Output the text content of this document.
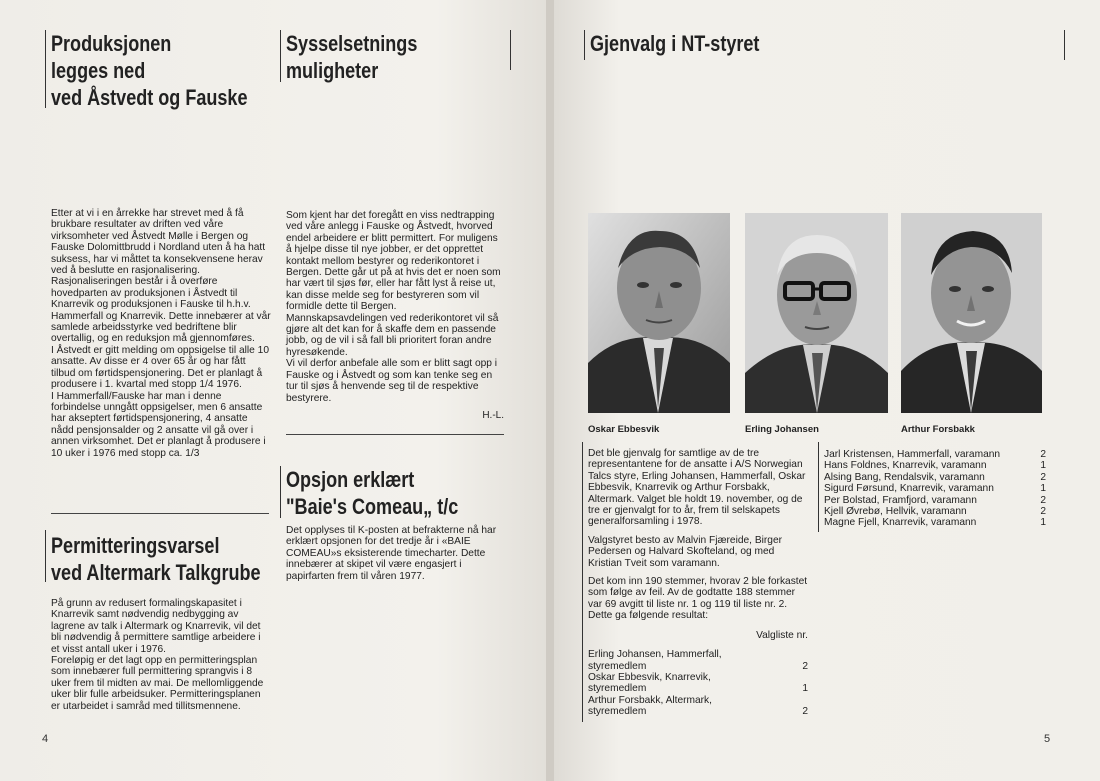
Produksjonen
legges ned
ved Åstvedt og Fauske

Etter at vi i en årrekke har strevet med å få brukbare resultater av driften ved våre virksomheter ved Åstvedt Mølle i Bergen og Fauske Dolomittbrudd i Nordland uten å ha hatt suksess, har vi måttet ta konsekvensene herav ved å beslutte en rasjonalisering.

Rasjonaliseringen består i å overføre hovedparten av produksjonen i Åstvedt til Knarrevik og produksjonen i Fauske til h.h.v. Hammerfall og Knarrevik. Dette innebærer at vår samlede arbeidsstyrke ved bedriftene blir overtallig, og en reduksjon må gjennomføres.

I Åstvedt er gitt melding om oppsigelse til alle 10 ansatte. Av disse er 4 over 65 år og har fått tilbud om førtidspensjonering. Det er planlagt å produsere i 1. kvartal med stopp 1/4 1976.

I Hammerfall/Fauske har man i denne forbindelse unngått oppsigelser, men 6 ansatte har akseptert førtidspensjonering, 4 ansatte nådd pensjonsalder og 2 ansatte vil gå over i annen virksomhet. Det er planlagt å produsere i 10 uker i 1976 med stopp ca. 1/3

Permitteringsvarsel
ved Altermark Talkgrube

På grunn av redusert formalingskapasitet i Knarrevik samt nødvendig nedbygging av lagrene av talk i Altermark og Knarrevik, vil det bli nødvendig å permittere samtlige arbeidere i et visst antall uker i 1976.

Foreløpig er det lagt opp en permitteringsplan som innebærer full permittering sprangvis i 8 uker frem til midten av mai. De mellomliggende uker blir fulle arbeidsuker. Permitteringsplanen er utarbeidet i samråd med tillitsmennene.

Sysselsetnings
muligheter

Som kjent har det foregått en viss nedtrapping ved våre anlegg i Fauske og Åstvedt, hvorved endel arbeidere er blitt permittert. For muligens å hjelpe disse til nye jobber, er det opprettet kontakt mellom bestyrer og rederikontoret i Bergen. Dette går ut på at hvis det er noen som har vært til sjøs før, eller har fått lyst å reise ut, kan disse melde seg for bestyreren som vil formidle dette til Bergen.

Mannskapsavdelingen ved rederikontoret vil så gjøre alt det kan for å skaffe dem en passende jobb, og de vil i så fall bli prioritert foran andre hyresøkende.

Vi vil derfor anbefale alle som er blitt sagt opp i Fauske og i Åstvedt og som kan tenke seg en tur til sjøs å henvende seg til de respektive bestyrere.

H.-L.
Opsjon erklært
"Baie's Comeau„ t/c

Det opplyses til K-posten at befrakterne nå har erklært opsjonen for det tredje år i «BAIE COMEAU»s eksisterende timecharter. Dette innebærer at skipet vil være engasjert i papirfarten frem til våren 1977.

4
Gjenvalg i NT-styret
Oskar Ebbesvik	Erling Johansen	Arthur Forsbakk

Det ble gjenvalg for samtlige av de tre representantene for de ansatte i A/S Norwegian Talcs styre, Erling Johansen, Hammerfall, Oskar Ebbesvik, Knarrevik og Arthur Forsbakk, Altermark. Valget ble holdt 19. november, og de tre er gjenvalgt for to år, frem til selskapets generalforsamling i 1978.

Valgstyret besto av Malvin Fjæreide, Birger Pedersen og Halvard Skofteland, og med Kristian Tveit som varamann.

Det kom inn 190 stemmer, hvorav 2 ble forkastet som følge av feil. Av de godtatte 188 stemmer var 69 avgitt til liste nr. 1 og 119 til liste nr. 2. Dette ga følgende resultat:

Valgliste nr.
Erling Johansen, Hammerfall,
styremedlem	2
Oskar Ebbesvik, Knarrevik,
styremedlem	1
Arthur Forsbakk, Altermark,
styremedlem	2
Jarl Kristensen, Hammerfall, varamann	2
Hans Foldnes, Knarrevik, varamann	1
Alsing Bang, Rendalsvik, varamann	2
Sigurd Førsund, Knarrevik, varamann	1
Per Bolstad, Framfjord, varamann	2
Kjell Øvrebø, Hellvik, varamann	2
Magne Fjell, Knarrevik, varamann	1
5
